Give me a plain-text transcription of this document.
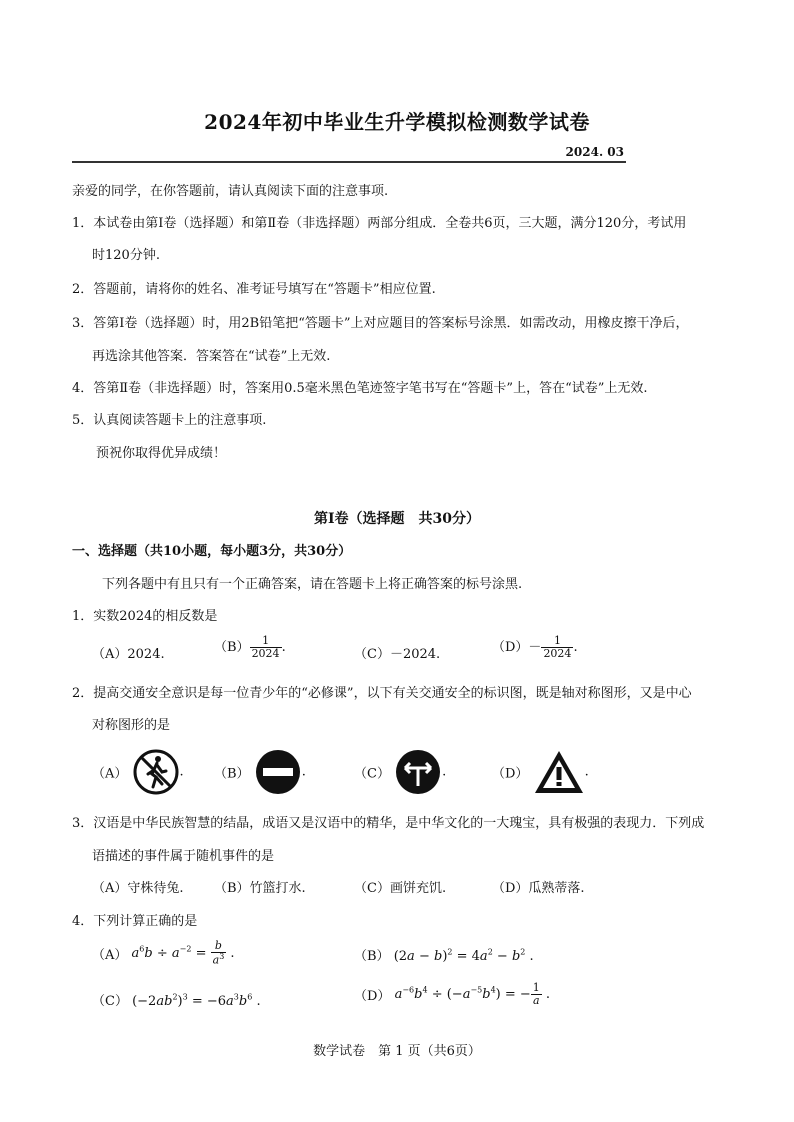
2024年初中毕业生升学模拟检测数学试卷
2024. 03
亲爱的同学，在你答题前，请认真阅读下面的注意事项.
1．本试卷由第Ⅰ卷（选择题）和第Ⅱ卷（非选择题）两部分组成．全卷共6页，三大题，满分120分，考试用
时120分钟.
2．答题前，请将你的姓名、准考证号填写在“答题卡”相应位置.
3．答第Ⅰ卷（选择题）时，用2B铅笔把“答题卡”上对应题目的答案标号涂黑．如需改动，用橡皮擦干净后，
再选涂其他答案．答案答在“试卷”上无效.
4．答第Ⅱ卷（非选择题）时，答案用0.5毫米黑色笔迹签字笔书写在“答题卡”上，答在“试卷”上无效.
5．认真阅读答题卡上的注意事项.
预祝你取得优异成绩！
第Ⅰ卷（选择题　共30分）
一、选择题（共10小题，每小题3分，共30分）
下列各题中有且只有一个正确答案，请在答题卡上将正确答案的标号涂黑.
1．实数2024的相反数是
（A）2024.	$(B) \frac{1}{2024}$ .	（C）－2024.	$(D)- \frac{1}{2024}$ .
2．提高交通安全意识是每一位青少年的“必修课”，以下有关交通安全的标识图，既是轴对称图形，又是中心
对称图形的是
（A）	. （B）	.	（C）	.	（D）	.
3．汉语是中华民族智慧的结晶，成语又是汉语中的精华，是中华文化的一大瑰宝，具有极强的表现力．下列成
语描述的事件属于随机事件的是
（A）守株待兔. （B）竹篮打水.	（C）画饼充饥.	（D）瓜熟蒂落.
4．下列计算正确的是
（A） $a^6b \div a^{-2} = \frac{b}{a^3}$ .	（B） $(2a - b)^2 = 4a^2 - b^2$ .
（C） $(-2ab^2)^3 = -6a^3b^6$ .	（D） $a^{-6}b^4 \div (-a^{-5}b^4)$ = − $\frac{1}{a}$ .
数学试卷　第 1 页（共6页）
